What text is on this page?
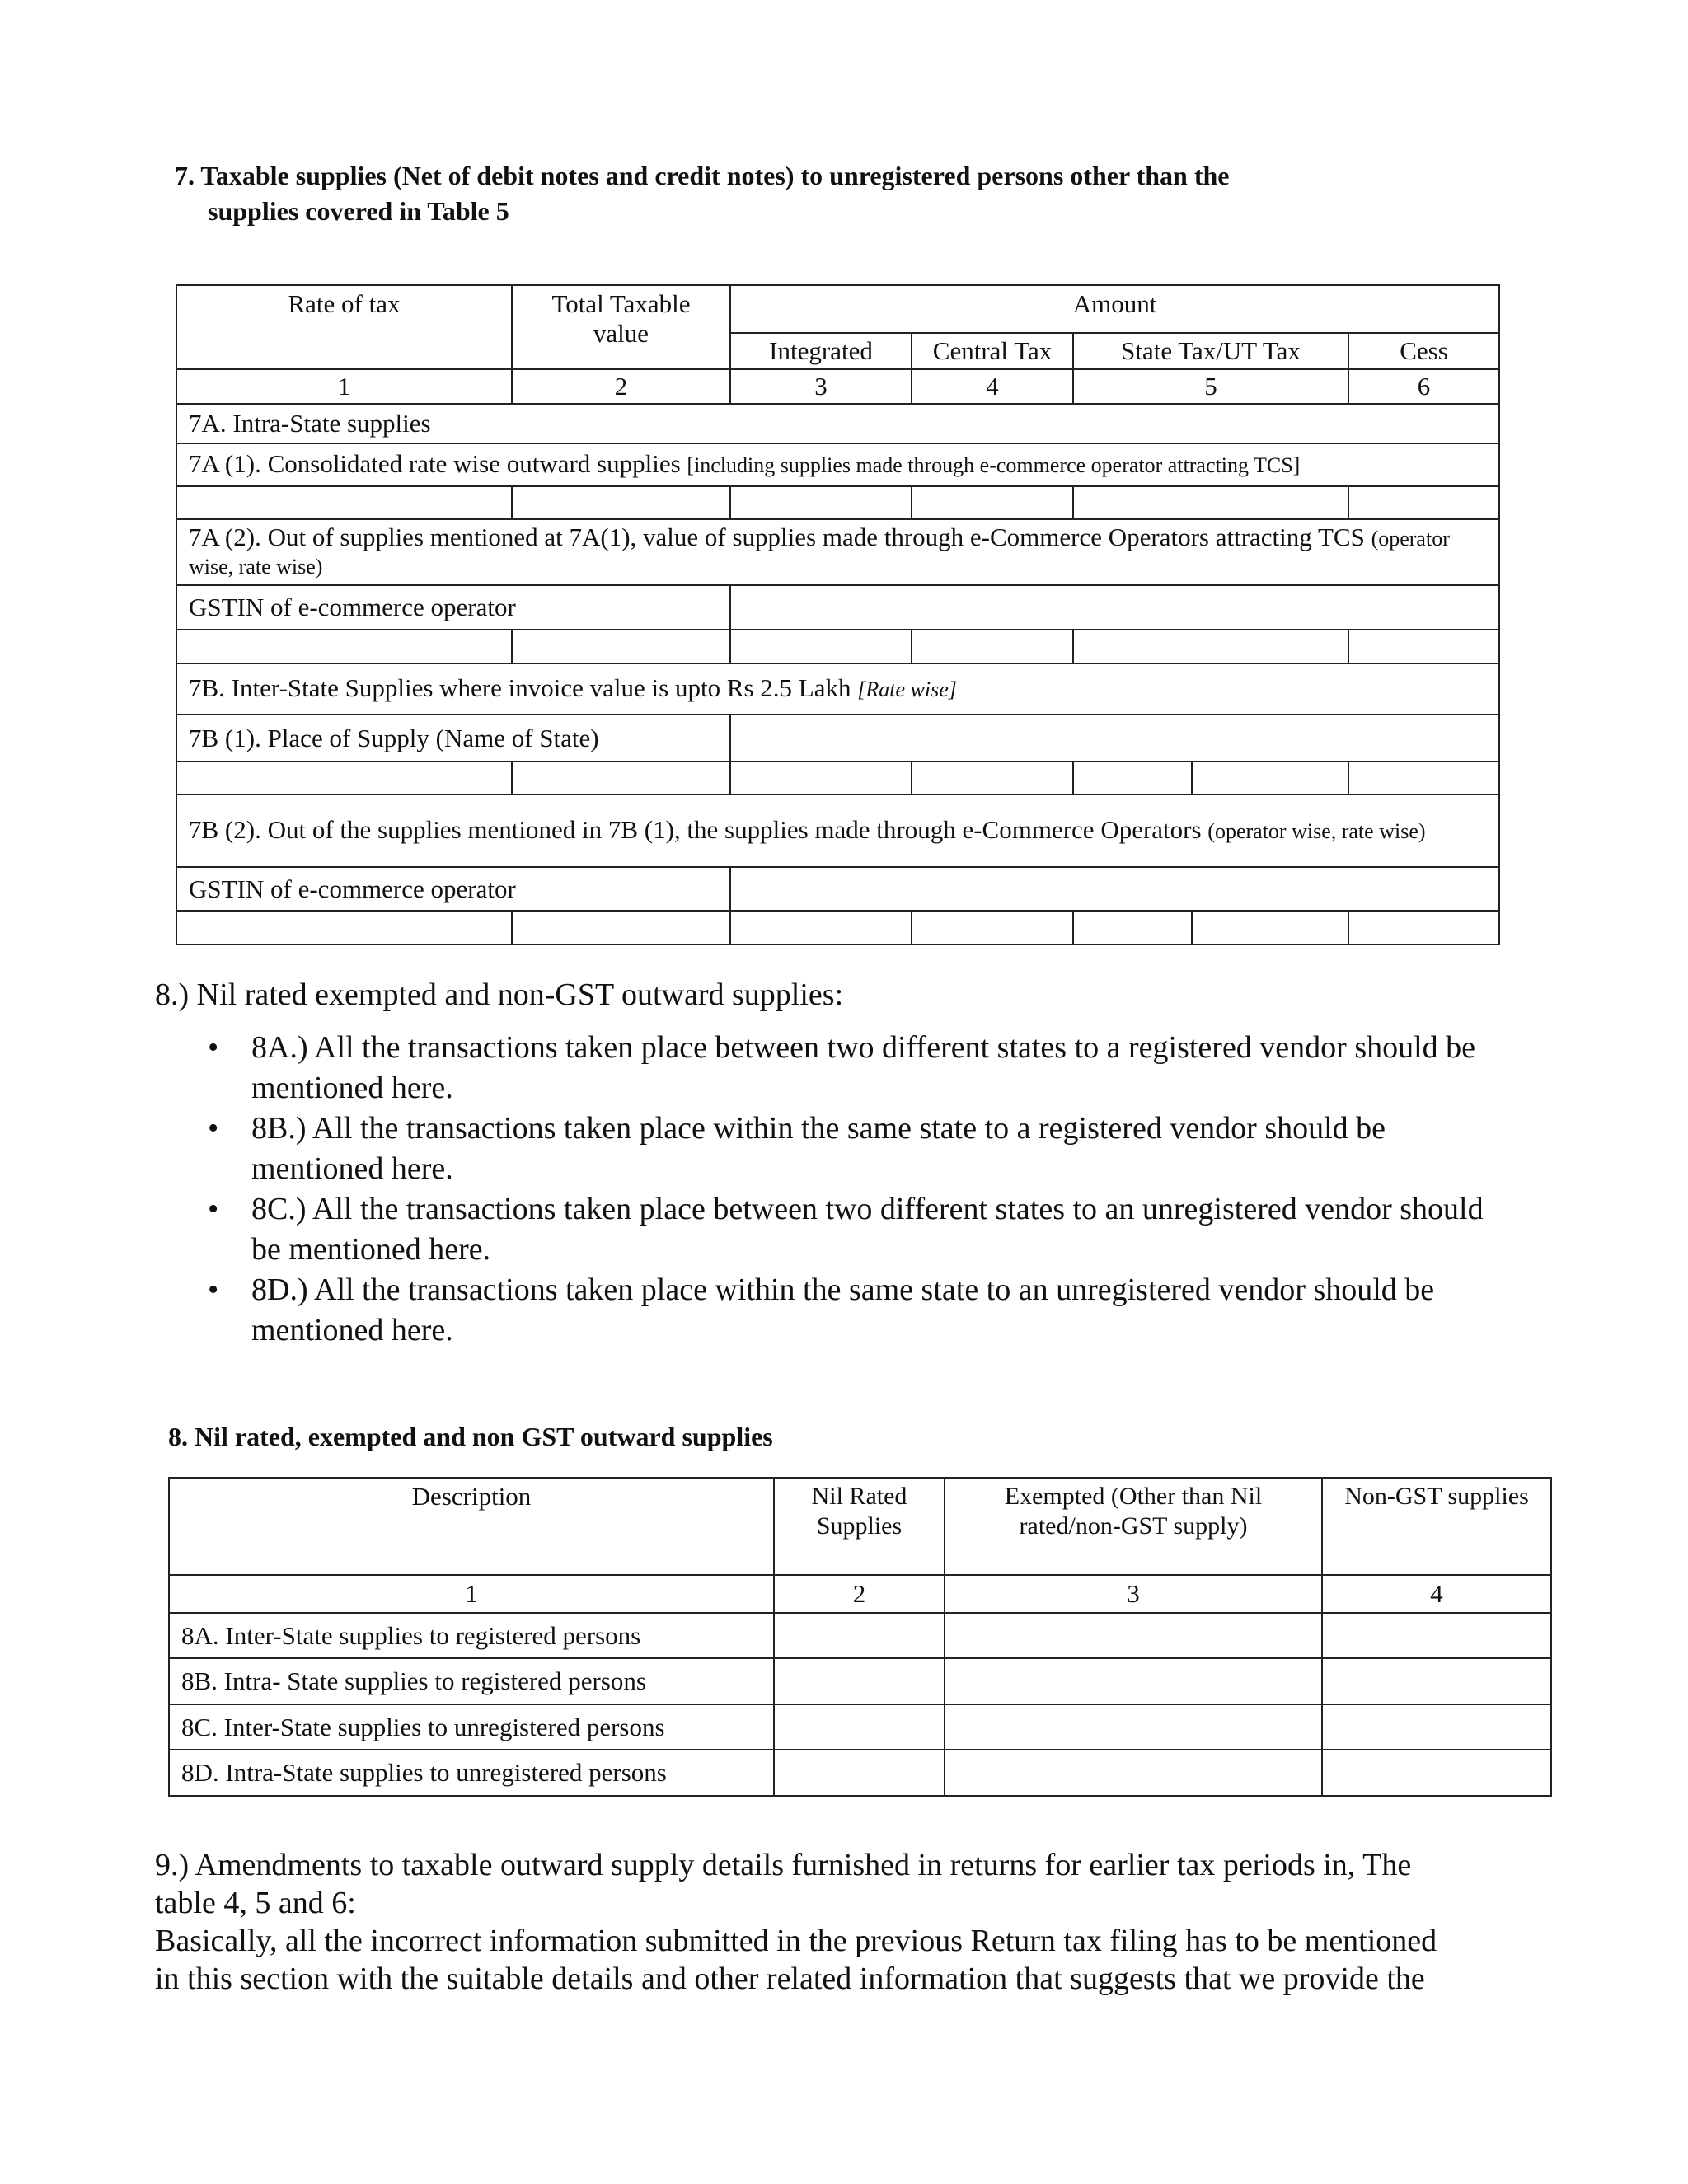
7. Taxable supplies (Net of debit notes and credit notes) to unregistered persons other than the
supplies covered in Table 5
Rate of tax	Total Taxable value	Amount				
		Integrated	Central Tax	State Tax/UT Tax		Cess
1	2	3	4	5		6
7A. Intra-State supplies						
7A (1). Consolidated rate wise outward supplies [including supplies made through e-commerce operator attracting TCS]						

7A (2). Out of supplies mentioned at 7A(1), value of supplies made through e-Commerce Operators attracting TCS (operator wise, rate wise)						
GSTIN of e-commerce operator						

7B. Inter-State Supplies where invoice value is upto Rs 2.5 Lakh [Rate wise]						
7B (1). Place of Supply (Name of State)						

7B (2). Out of the supplies mentioned in 7B (1), the supplies made through e-Commerce Operators (operator wise, rate wise)						
GSTIN of e-commerce operator						

8.) Nil rated exempted and non-GST outward supplies:
• 8A.) All the transactions taken place between two different states to a registered vendor should be mentioned here.
• 8B.) All the transactions taken place within the same state to a registered vendor should be mentioned here.
• 8C.) All the transactions taken place between two different states to an unregistered vendor should be mentioned here.
• 8D.) All the transactions taken place within the same state to an unregistered vendor should be mentioned here.
8. Nil rated, exempted and non GST outward supplies
Description	Nil Rated Supplies	Exempted (Other than Nil rated/non-GST supply)	Non-GST supplies
1	2	3	4
8A. Inter-State supplies to registered persons			
8B. Intra- State supplies to registered persons			
8C. Inter-State supplies to unregistered persons			
8D. Intra-State supplies to unregistered persons			
9.) Amendments to taxable outward supply details furnished in returns for earlier tax periods in, The
table 4, 5 and 6:
Basically, all the incorrect information submitted in the previous Return tax filing has to be mentioned
in this section with the suitable details and other related information that suggests that we provide the
